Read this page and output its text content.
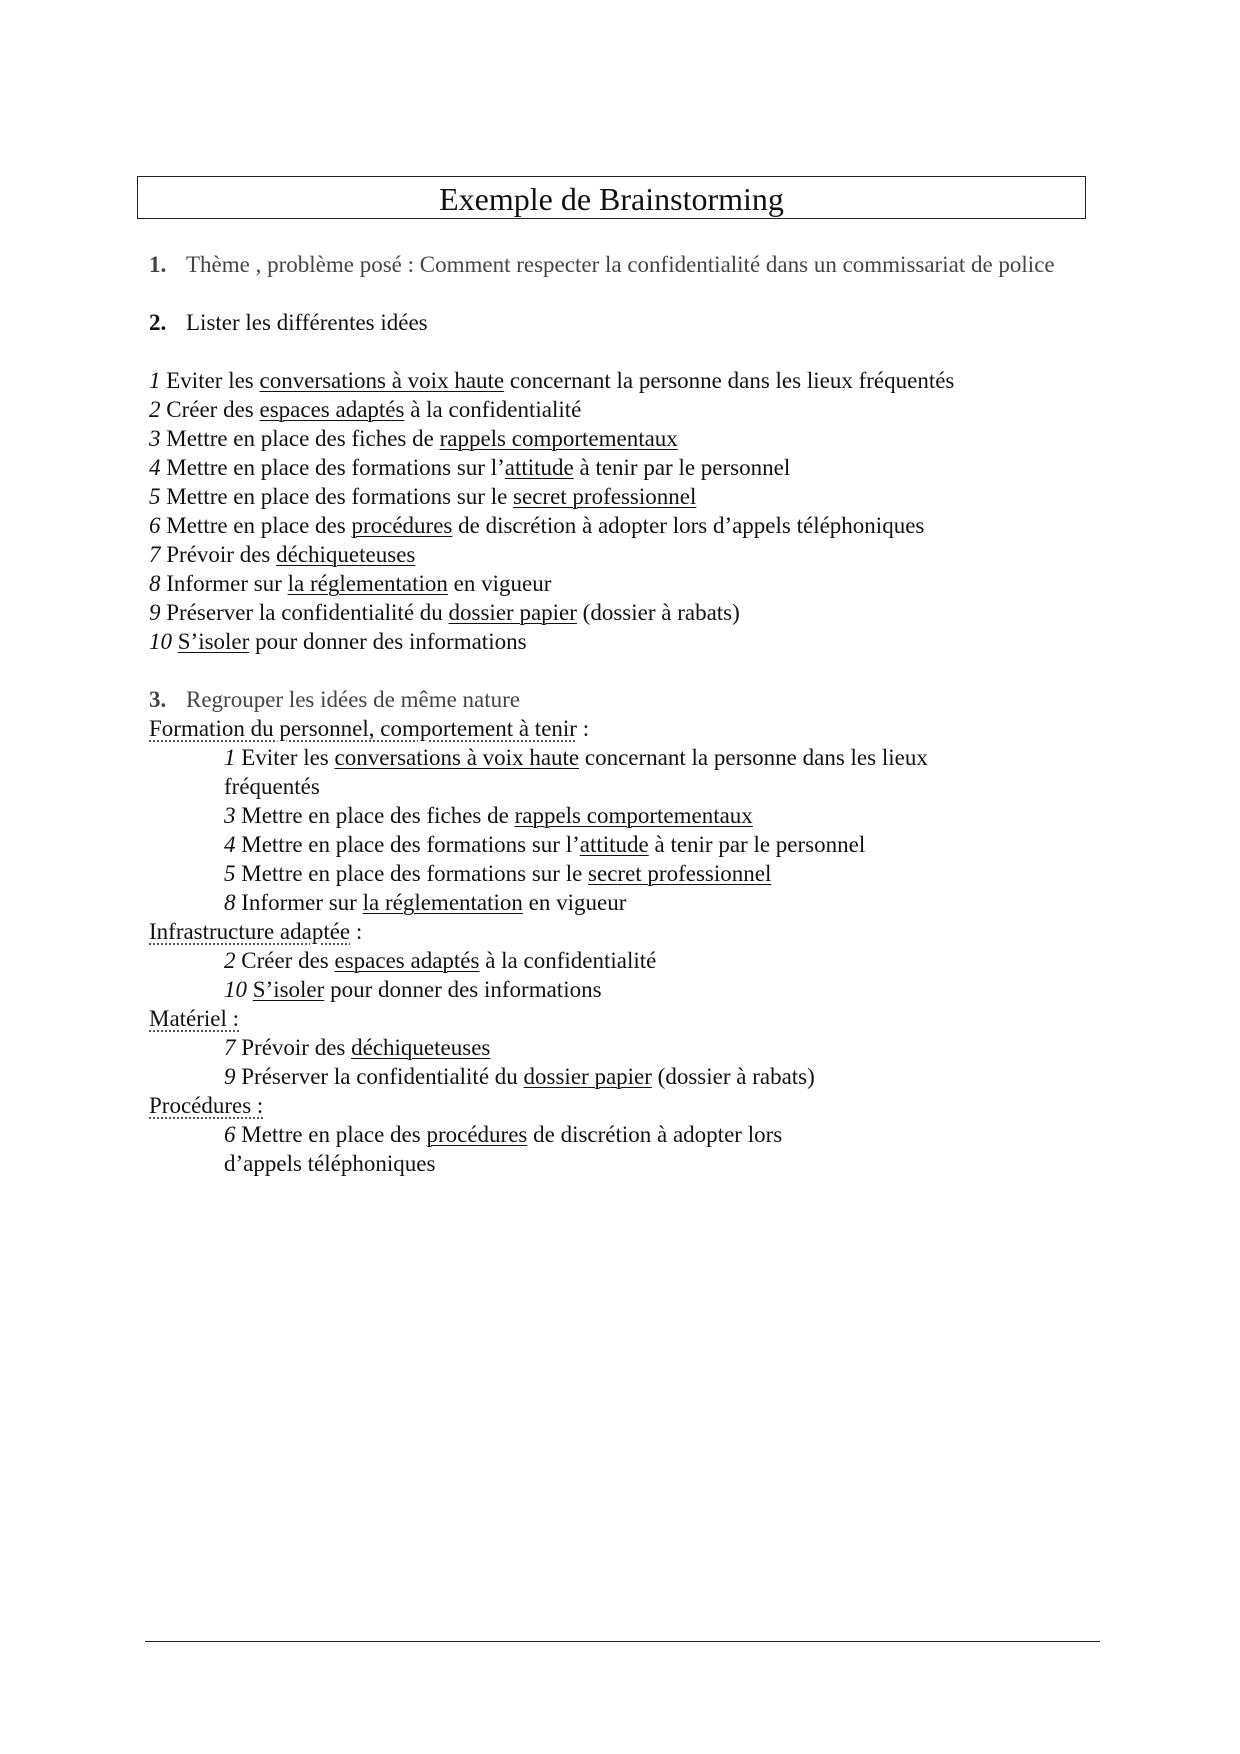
Exemple de Brainstorming
1. Thème , problème posé : Comment respecter la confidentialité dans un commissariat de police
2. Lister les différentes idées
1 Eviter les conversations à voix haute concernant la personne dans les lieux fréquentés
2 Créer des espaces adaptés à la confidentialité
3 Mettre en place des fiches de rappels comportementaux
4 Mettre en place des formations sur l’attitude à tenir par le personnel
5 Mettre en place des formations sur le secret professionnel
6 Mettre en place des procédures de discrétion à adopter lors d’appels téléphoniques
7 Prévoir des déchiqueteuses
8 Informer sur la réglementation en vigueur
9 Préserver la confidentialité du dossier papier (dossier à rabats)
10 S’isoler pour donner des informations
3. Regrouper les idées de même nature
Formation du personnel, comportement à tenir :
1 Eviter les conversations à voix haute concernant la personne dans les lieux
fréquentés
3 Mettre en place des fiches de rappels comportementaux
4 Mettre en place des formations sur l’attitude à tenir par le personnel
5 Mettre en place des formations sur le secret professionnel
8 Informer sur la réglementation en vigueur
Infrastructure adaptée :
2 Créer des espaces adaptés à la confidentialité
10 S’isoler pour donner des informations
Matériel :
7 Prévoir des déchiqueteuses
9 Préserver la confidentialité du dossier papier (dossier à rabats)
Procédures :
6 Mettre en place des procédures de discrétion à adopter lors
d’appels téléphoniques
